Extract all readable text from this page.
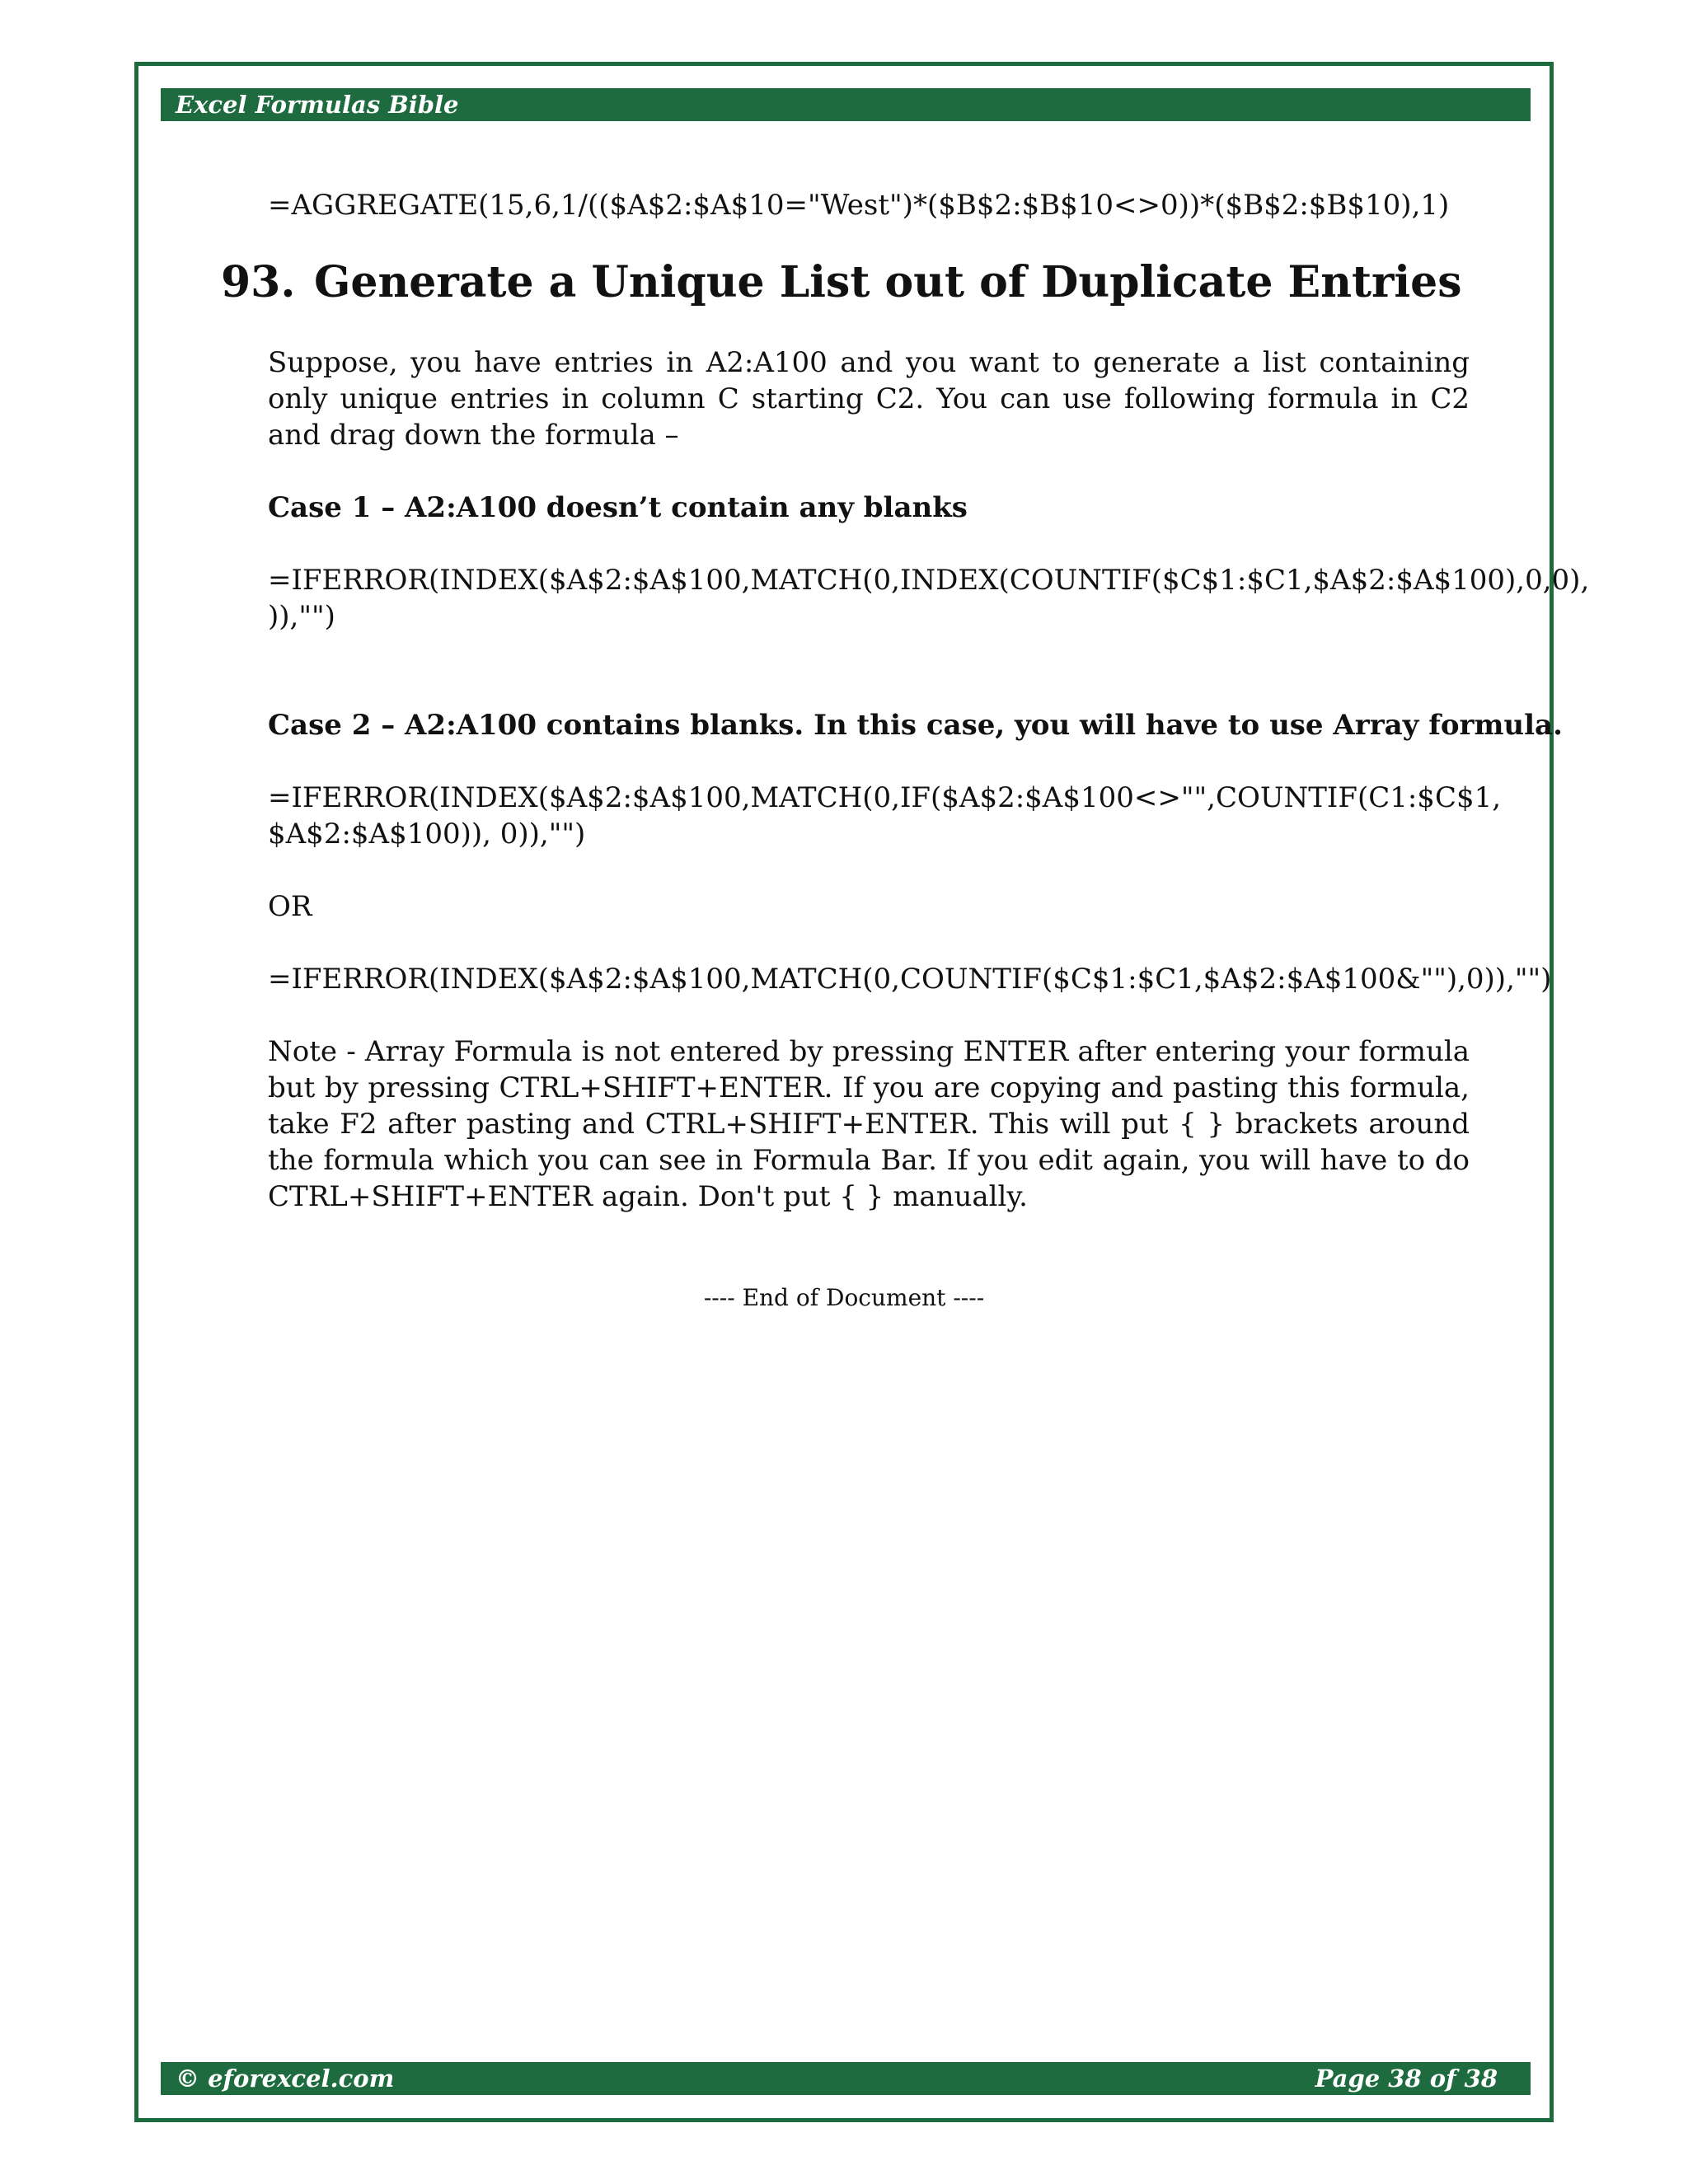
Excel Formulas Bible
=AGGREGATE(15,6,1/(($A$2:$A$10="West")*($B$2:$B$10<>0))*($B$2:$B$10),1)
93. Generate a Unique List out of Duplicate Entries
Suppose, you have entries in A2:A100 and you want to generate a list containing only unique entries in column C starting C2. You can use following formula in C2 and drag down the formula –
Case 1 – A2:A100 doesn’t contain any blanks
=IFERROR(INDEX($A$2:$A$100,MATCH(0,INDEX(COUNTIF($C$1:$C1,$A$2:$A$100),0,0),
)),"")
Case 2 – A2:A100 contains blanks. In this case, you will have to use Array formula.
=IFERROR(INDEX($A$2:$A$100, MATCH(0, IF($A$2:$A$100<>"",COUNTIF(C1:$C$1,
$A$2:$A$100)), 0)),"")
OR
=IFERROR(INDEX($A$2:$A$100,MATCH(0,COUNTIF($C$1:$C1,$A$2:$A$100&""),0)),"")
Note - Array Formula is not entered by pressing ENTER after entering your formula but by pressing CTRL+SHIFT+ENTER. If you are copying and pasting this formula, take F2 after pasting and CTRL+SHIFT+ENTER. This will put { } brackets around the formula which you can see in Formula Bar. If you edit again, you will have to do CTRL+SHIFT+ENTER again. Don't put { } manually.
---- End of Document ----
© eforexcel.com	Page 38 of 38
